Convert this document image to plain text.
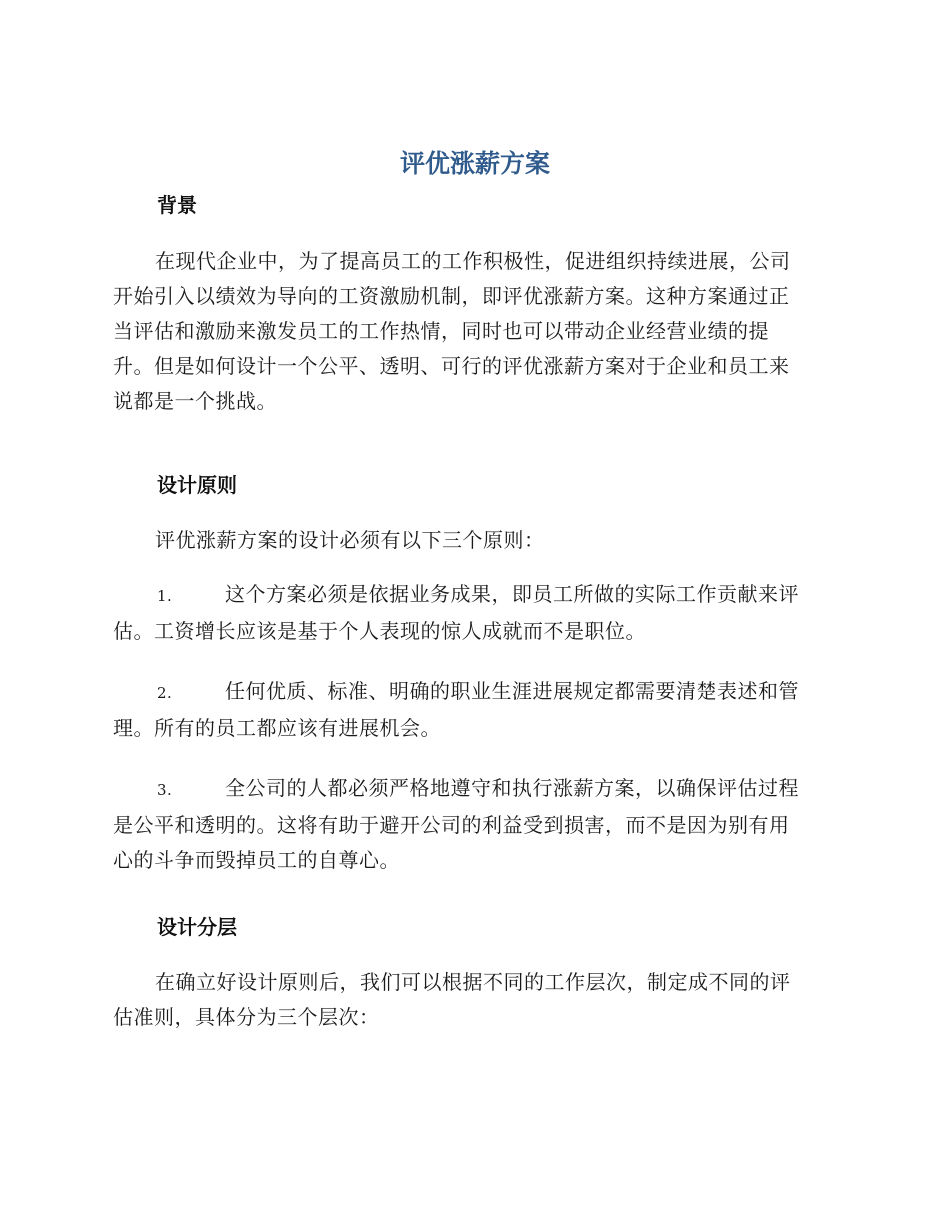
评优涨薪方案
背景
在现代企业中，为了提高员工的工作积极性，促进组织持续进展，公司
开始引入以绩效为导向的工资激励机制，即评优涨薪方案。这种方案通过正
当评估和激励来激发员工的工作热情，同时也可以带动企业经营业绩的提
升。但是如何设计一个公平、透明、可行的评优涨薪方案对于企业和员工来
说都是一个挑战。
设计原则
评优涨薪方案的设计必须有以下三个原则：
1.	这个方案必须是依据业务成果，即员工所做的实际工作贡献来评
估。工资增长应该是基于个人表现的惊人成就而不是职位。
2.	任何优质、标准、明确的职业生涯进展规定都需要清楚表述和管
理。所有的员工都应该有进展机会。
3.	全公司的人都必须严格地遵守和执行涨薪方案，以确保评估过程
是公平和透明的。这将有助于避开公司的利益受到损害，而不是因为别有用
心的斗争而毁掉员工的自尊心。
设计分层
在确立好设计原则后，我们可以根据不同的工作层次，制定成不同的评
估准则，具体分为三个层次：
